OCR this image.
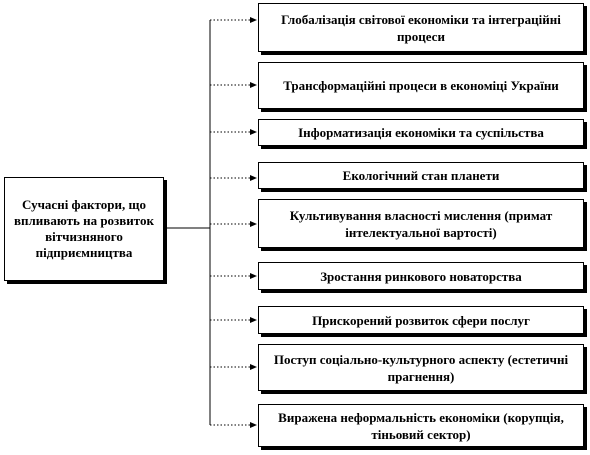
Сучасні фактори, що впливають на розвиток вітчизняного підприємництва
Глобалізація світової економіки та інтеграційні процеси
Трансформаційні процеси в економіці України
Інформатизація економіки та суспільства
Екологічний стан планети
Культивування власності мислення (примат інтелектуальної вартості)
Зростання ринкового новаторства
Прискорений розвиток сфери послуг
Поступ соціально-культурного аспекту (естетичні прагнення)
Виражена неформальність економіки (корупція, тіньовий сектор)
